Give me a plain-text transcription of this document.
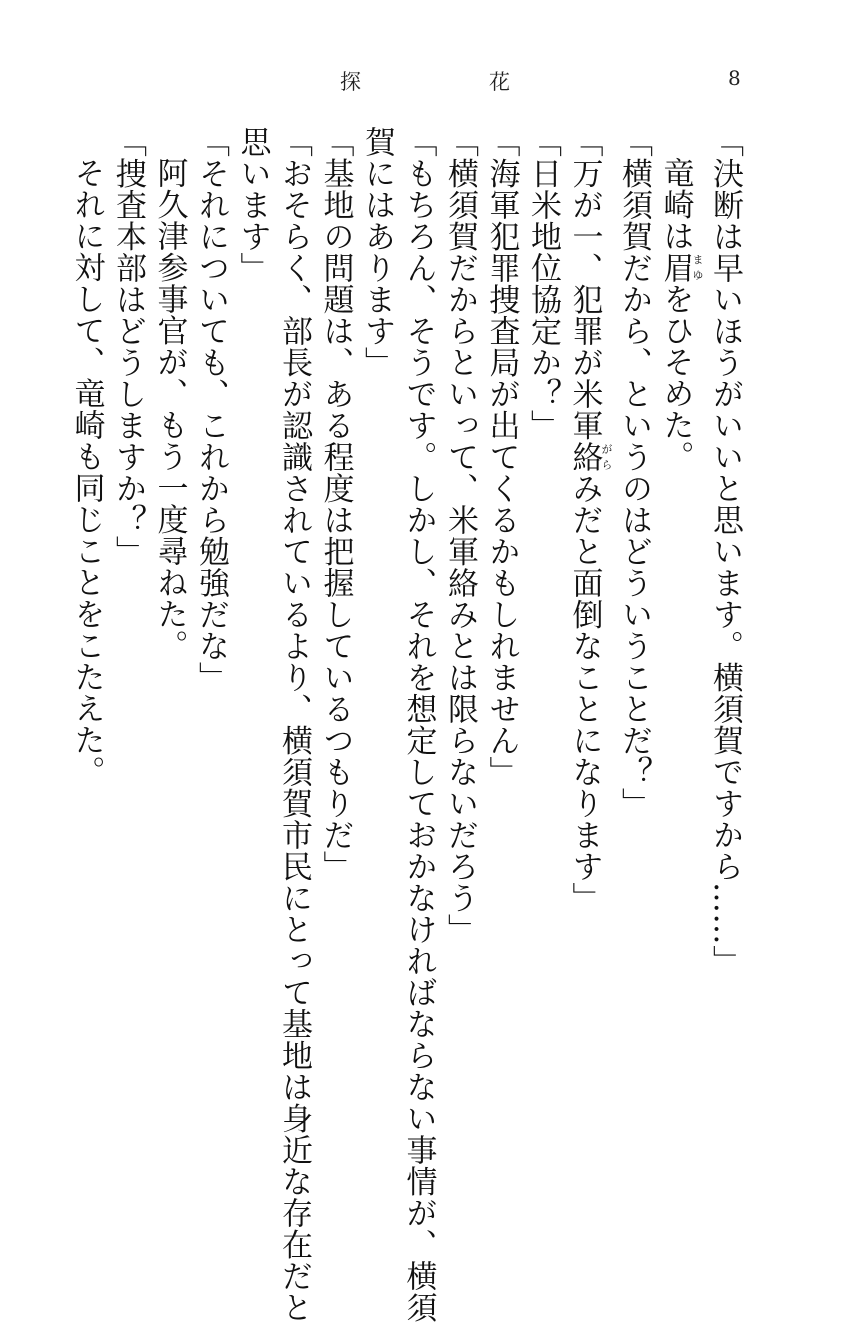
探	花	8
「決断は早いほうがいいと思います。横須賀ですから……」
竜崎は眉まゆをひそめた。
「横須賀だから、というのはどういうことだ？」
「万が一、犯罪が米軍絡がらみだと面倒なことになります」
「日米地位協定か？」
「海軍犯罪捜査局が出てくるかもしれません」
「横須賀だからといって、米軍絡みとは限らないだろう」
「もちろん、そうです。しかし、それを想定しておかなければならない事情が、横須
賀にはあります」
「基地の問題は、ある程度は把握しているつもりだ」
「おそらく、部長が認識されているより、横須賀市民にとって基地は身近な存在だと
思います」
「それについても、これから勉強だな」
阿久津参事官が、もう一度尋ねた。
「捜査本部はどうしますか？」
それに対して、竜崎も同じことをこたえた。
